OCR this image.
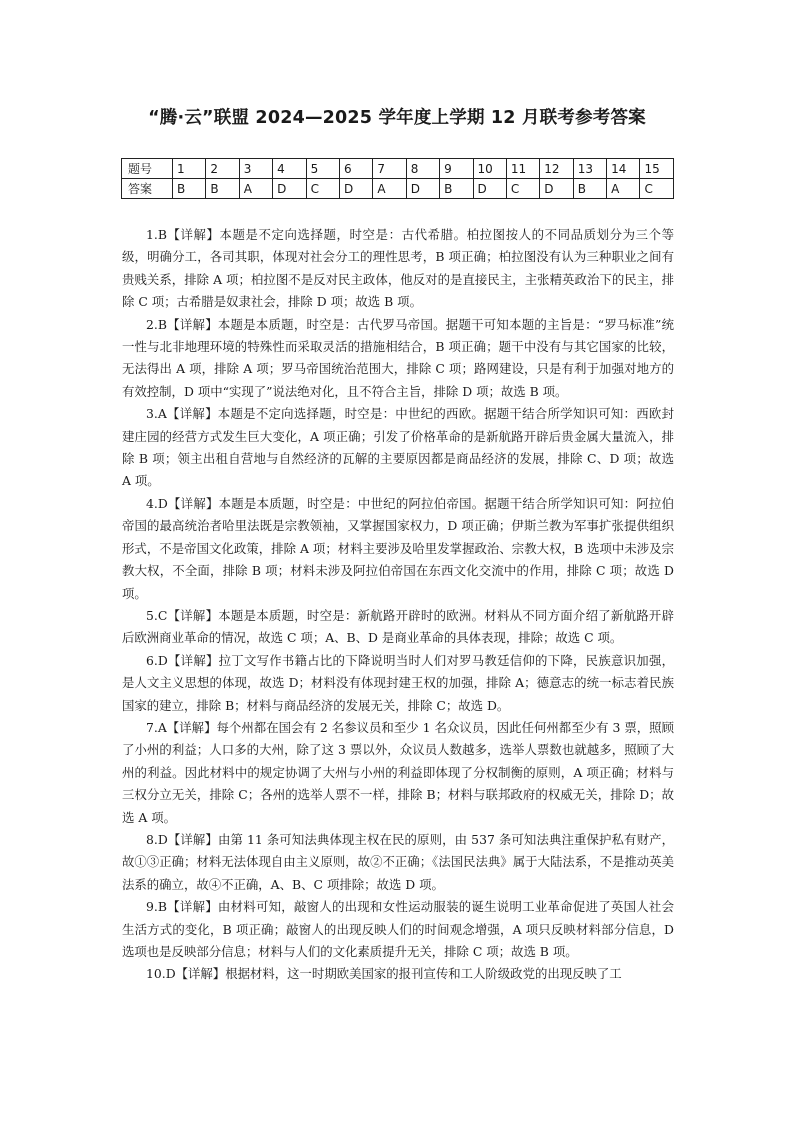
“腾·云”联盟 2024—2025 学年度上学期 12 月联考参考答案
题号	1	2	3	4	5	6	7	8	9	10	11	12	13	14	15
答案	B	B	A	D	C	D	A	D	B	D	C	D	B	A	C

1.B【详解】本题是不定向选择题，时空是：古代希腊。柏拉图按人的不同品质划分为三个等级，明确分工，各司其职，体现对社会分工的理性思考，B 项正确；柏拉图没有认为三种职业之间有贵贱关系，排除 A 项；柏拉图不是反对民主政体，他反对的是直接民主，主张精英政治下的民主，排除 C 项；古希腊是奴隶社会，排除 D 项；故选 B 项。

2.B【详解】本题是本质题，时空是：古代罗马帝国。据题干可知本题的主旨是：“罗马标准”统一性与北非地理环境的特殊性而采取灵活的措施相结合，B 项正确；题干中没有与其它国家的比较，无法得出 A 项，排除 A 项；罗马帝国统治范围大，排除 C 项；路网建设，只是有利于加强对地方的有效控制，D 项中“实现了”说法绝对化，且不符合主旨，排除 D 项；故选 B 项。

3.A【详解】本题是不定向选择题，时空是：中世纪的西欧。据题干结合所学知识可知：西欧封建庄园的经营方式发生巨大变化，A 项正确；引发了价格革命的是新航路开辟后贵金属大量流入，排除 B 项；领主出租自营地与自然经济的瓦解的主要原因都是商品经济的发展，排除 C、D 项；故选 A 项。

4.D【详解】本题是本质题，时空是：中世纪的阿拉伯帝国。据题干结合所学知识可知：阿拉伯帝国的最高统治者哈里法既是宗教领袖，又掌握国家权力，D 项正确；伊斯兰教为军事扩张提供组织形式，不是帝国文化政策，排除 A 项；材料主要涉及哈里发掌握政治、宗教大权，B 选项中未涉及宗教大权，不全面，排除 B 项；材料未涉及阿拉伯帝国在东西文化交流中的作用，排除 C 项；故选 D 项。

5.C【详解】本题是本质题，时空是：新航路开辟时的欧洲。材料从不同方面介绍了新航路开辟后欧洲商业革命的情况，故选 C 项；A、B、D 是商业革命的具体表现，排除；故选 C 项。

6.D【详解】拉丁文写作书籍占比的下降说明当时人们对罗马教廷信仰的下降，民族意识加强，是人文主义思想的体现，故选 D；材料没有体现封建王权的加强，排除 A；德意志的统一标志着民族国家的建立，排除 B；材料与商品经济的发展无关，排除 C；故选 D。

7.A【详解】每个州都在国会有 2 名参议员和至少 1 名众议员，因此任何州都至少有 3 票，照顾了小州的利益；人口多的大州，除了这 3 票以外，众议员人数越多，选举人票数也就越多，照顾了大州的利益。因此材料中的规定协调了大州与小州的利益即体现了分权制衡的原则，A 项正确；材料与三权分立无关，排除 C；各州的选举人票不一样，排除 B；材料与联邦政府的权威无关，排除 D；故选 A 项。

8.D【详解】由第 11 条可知法典体现主权在民的原则，由 537 条可知法典注重保护私有财产，故①③正确；材料无法体现自由主义原则，故②不正确；《法国民法典》属于大陆法系，不是推动英美法系的确立，故④不正确，A、B、C 项排除；故选 D 项。

9.B【详解】由材料可知，敲窗人的出现和女性运动服装的诞生说明工业革命促进了英国人社会生活方式的变化，B 项正确；敲窗人的出现反映人们的时间观念增强，A 项只反映材料部分信息，D 选项也是反映部分信息；材料与人们的文化素质提升无关，排除 C 项；故选 B 项。

10.D【详解】根据材料，这一时期欧美国家的报刊宣传和工人阶级政党的出现反映了工
